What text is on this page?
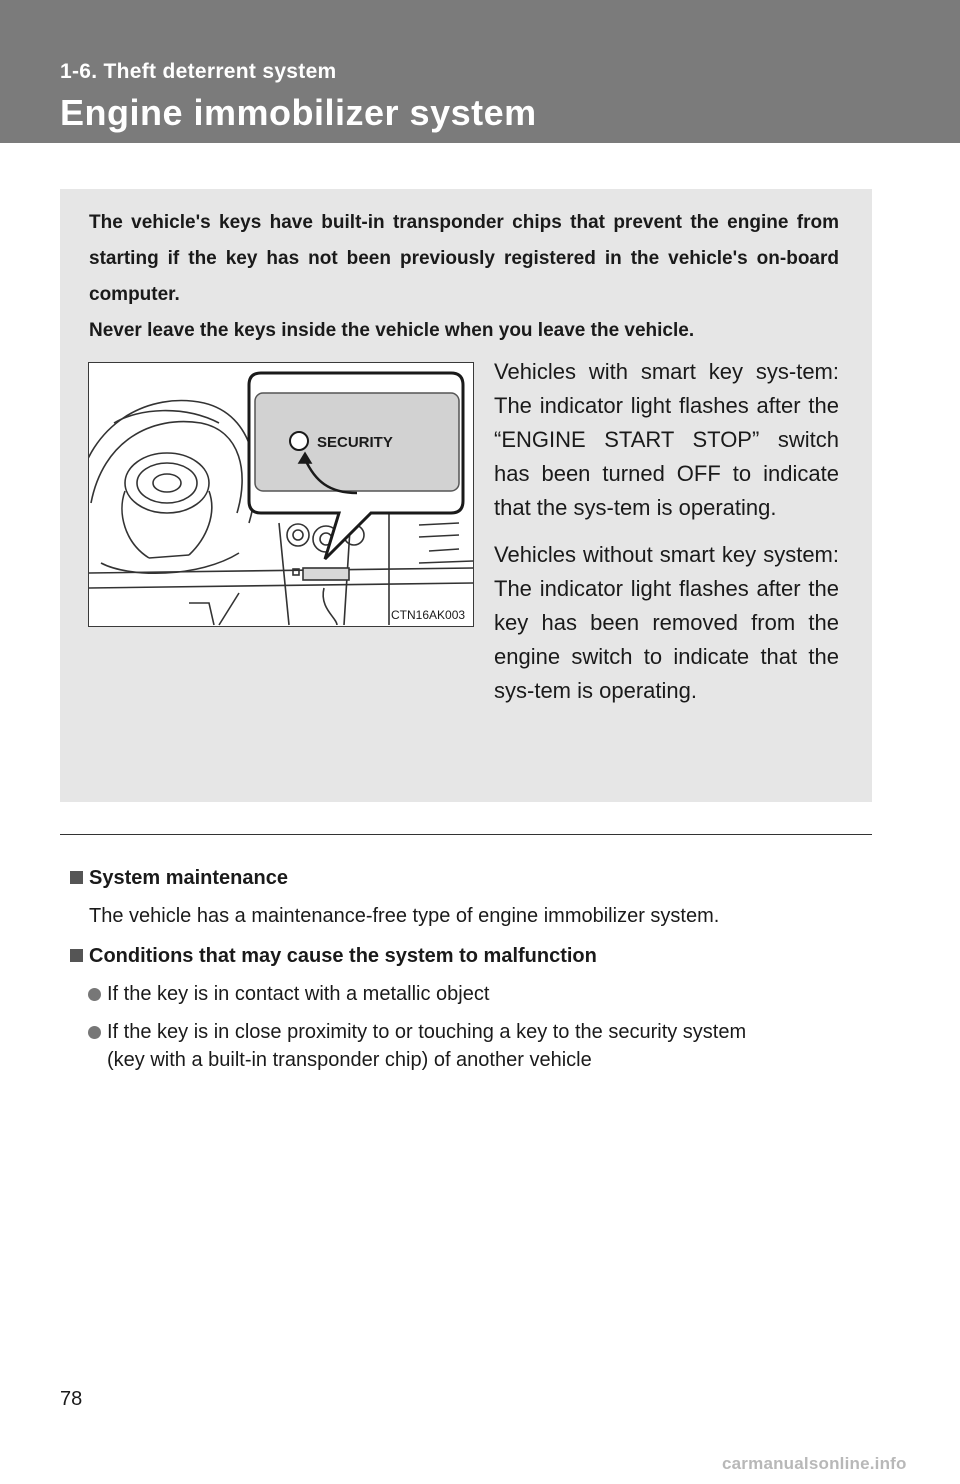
1-6. Theft deterrent system
Engine immobilizer system

The vehicle's keys have built-in transponder chips that prevent the engine from starting if the key has not been previously registered in the vehicle's on-board computer.

Never leave the keys inside the vehicle when you leave the vehicle.

SECURITY
CTN16AK003

Vehicles with smart key sys-tem: The indicator light flashes after the “ENGINE START STOP” switch has been turned OFF to indicate that the sys-tem is operating.

Vehicles without smart key system: The indicator light flashes after the key has been removed from the engine switch to indicate that the sys-tem is operating.

System maintenance
The vehicle has a maintenance-free type of engine immobilizer system.
Conditions that may cause the system to malfunction
If the key is in contact with a metallic object
If the key is in close proximity to or touching a key to the security system
(key with a built-in transponder chip) of another vehicle
78
carmanualsonline.info
